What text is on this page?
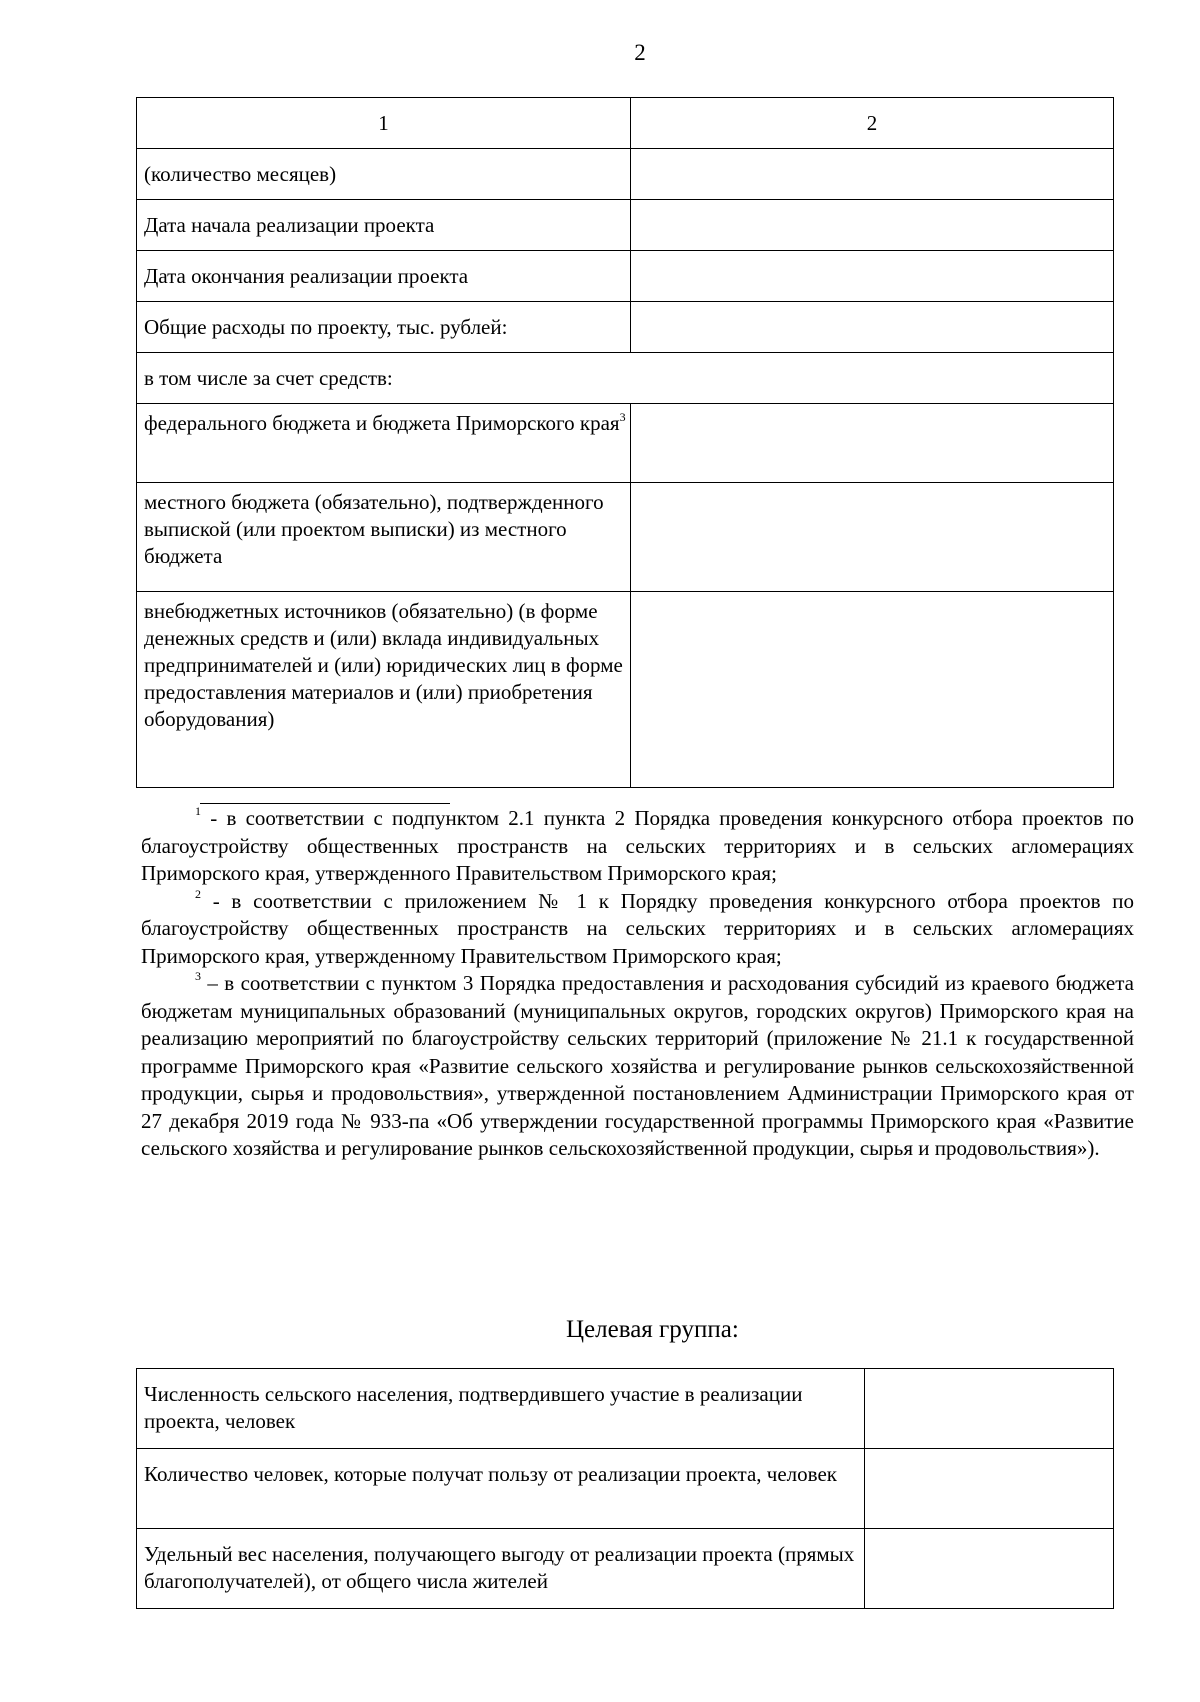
2
1	2
(количество месяцев)	
Дата начала реализации проекта	
Дата окончания реализации проекта	
Общие расходы по проекту, тыс. рублей:	
в том числе за счет средств:	
федерального бюджета и бюджета Приморского края$^3$	
местного бюджета (обязательно), подтвержденного выпиской (или проектом выписки) из местного бюджета	
внебюджетных источников (обязательно) (в форме денежных средств и (или) вклада индивидуальных предпринимателей и (или) юридических лиц в форме предоставления материалов и (или) приобретения оборудования)	

$^1$ - в соответствии с подпунктом 2.1 пункта 2 Порядка проведения конкурсного отбора проектов по благоустройству общественных пространств на сельских территориях и в сельских агломерациях Приморского края, утвержденного Правительством Приморского края;

$^2$ - в соответствии с приложением № 1 к Порядку проведения конкурсного отбора проектов по благоустройству общественных пространств на сельских территориях и в сельских агломерациях Приморского края, утвержденному Правительством Приморского края;

$^3$ – в соответствии с пунктом 3 Порядка предоставления и расходования субсидий из краевого бюджета бюджетам муниципальных образований (муниципальных округов, городских округов) Приморского края на реализацию мероприятий по благоустройству сельских территорий (приложение № 21.1 к государственной программе Приморского края «Развитие сельского хозяйства и регулирование рынков сельскохозяйственной продукции, сырья и продовольствия», утвержденной постановлением Администрации Приморского края от 27 декабря 2019 года № 933-па «Об утверждении государственной программы Приморского края «Развитие сельского хозяйства и регулирование рынков сельскохозяйственной продукции, сырья и продовольствия»).

Целевая группа:
Численность сельского населения, подтвердившего участие в реализации проекта, человек	
Количество человек, которые получат пользу от реализации проекта, человек	
Удельный вес населения, получающего выгоду от реализации проекта (прямых благополучателей), от общего числа жителей	
